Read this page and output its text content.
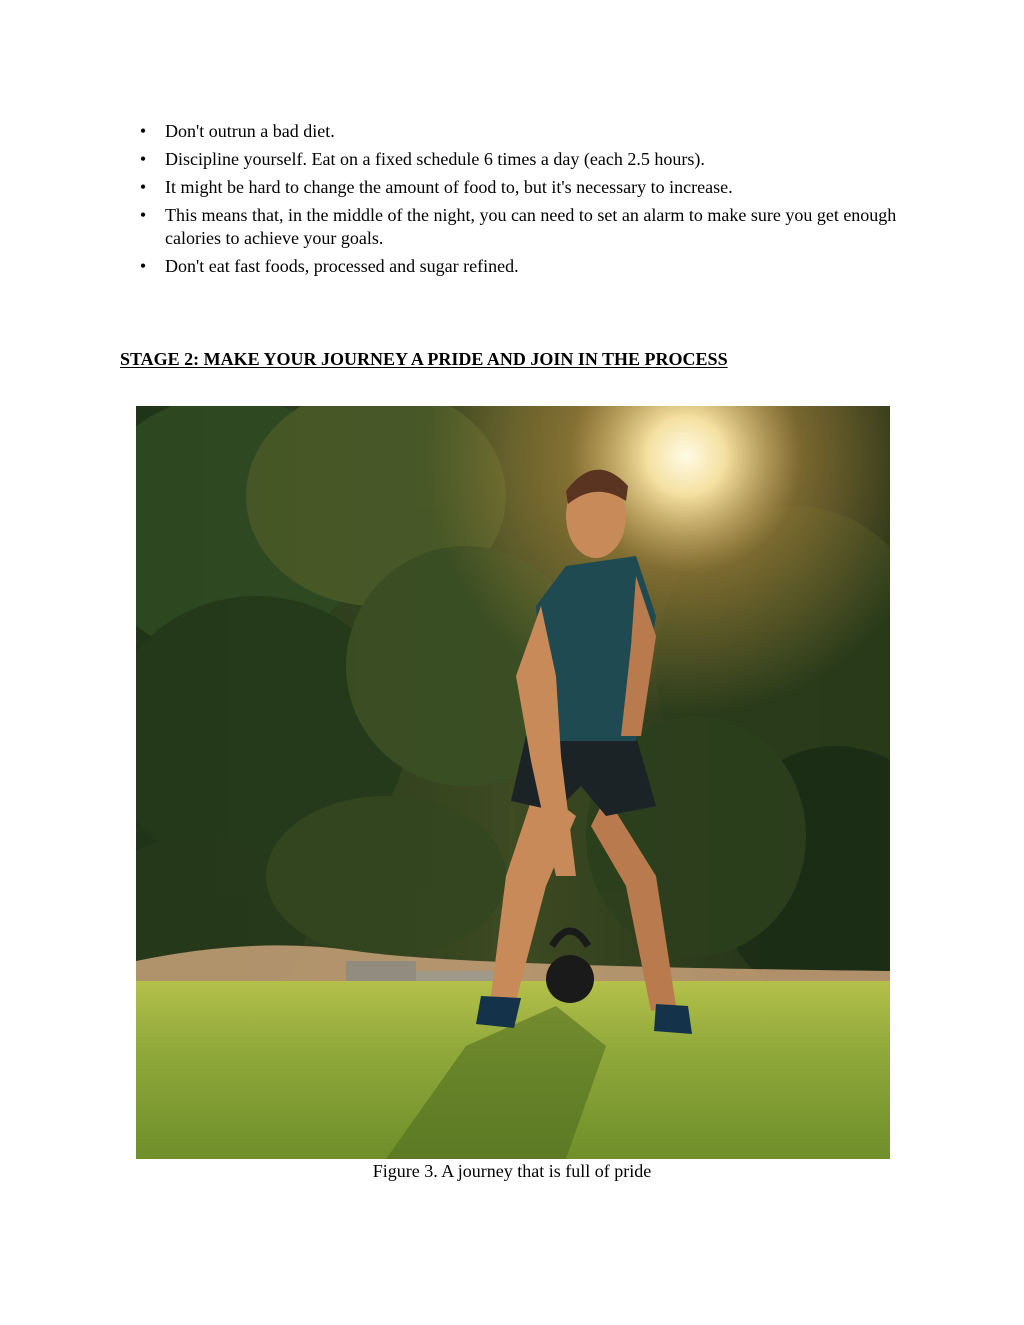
• Don't outrun a bad diet.
• Discipline yourself. Eat on a fixed schedule 6 times a day (each 2.5 hours).
• It might be hard to change the amount of food to, but it's necessary to increase.
• This means that, in the middle of the night, you can need to set an alarm to make sure you get enough calories to achieve your goals.
• Don't eat fast foods, processed and sugar refined.
STAGE 2: MAKE YOUR JOURNEY A PRIDE AND JOIN IN THE PROCESS
Figure 3. A journey that is full of pride
